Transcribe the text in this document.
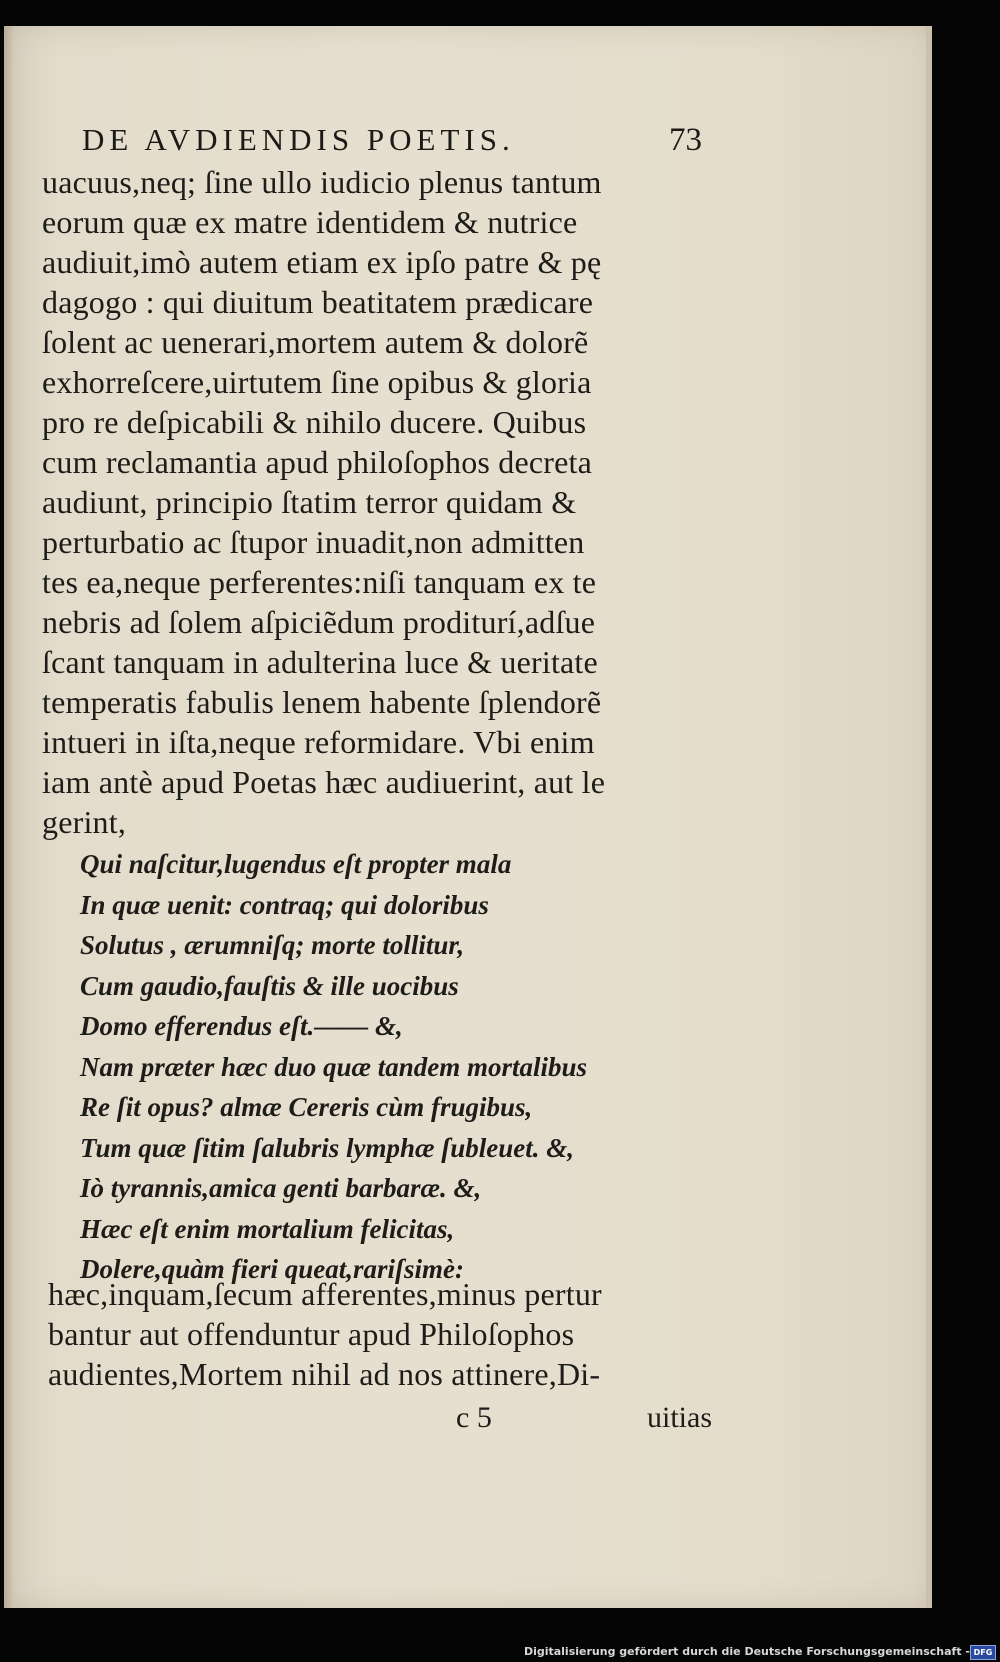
DE AVDIENDIS POETIS.	73
uacuus,neq; ſine ullo iudicio plenus tantum
eorum quæ ex matre identidem & nutrice
audiuit,imò autem etiam ex ipſo patre & pę
dagogo : qui diuitum beatitatem prædicare
ſolent ac uenerari,mortem autem & dolorẽ
exhorreſcere,uirtutem ſine opibus & gloria
pro re deſpicabili & nihilo ducere. Quibus
cum reclamantia apud philoſophos decreta
audiunt, principio ſtatim terror quidam &
perturbatio ac ſtupor inuadit,non admitten
tes ea,neque perferentes:niſi tanquam ex te
nebris ad ſolem aſpiciẽdum proditurí,adſue
ſcant tanquam in adulterina luce & ueritate
temperatis fabulis lenem habente ſplendorẽ
intueri in iſta,neque reformidare. Vbi enim
iam antè apud Poetas hæc audiuerint, aut le
gerint,
Qui naſcitur,lugendus eſt propter mala
In quæ uenit: contraq; qui doloribus
Solutus , ærumniſq; morte tollitur,
Cum gaudio,fauſtis & ille uocibus
Domo efferendus eſt.—— &,
Nam præter hæc duo quæ tandem mortalibus
Re ſit opus? almæ Cereris cùm frugibus,
Tum quæ ſitim ſalubris lymphæ ſubleuet. &,
Iò tyrannis,amica genti barbaræ. &,
Hæc eſt enim mortalium felicitas,
Dolere,quàm fieri queat,rariſsimè:
hæc,inquam,ſecum afferentes,minus pertur
bantur aut offenduntur apud Philoſophos
audientes,Mortem nihil ad nos attinere,Di-
c 5	uitias
Digitalisierung gefördert durch die Deutsche Forschungsgemeinschaft - DFG
